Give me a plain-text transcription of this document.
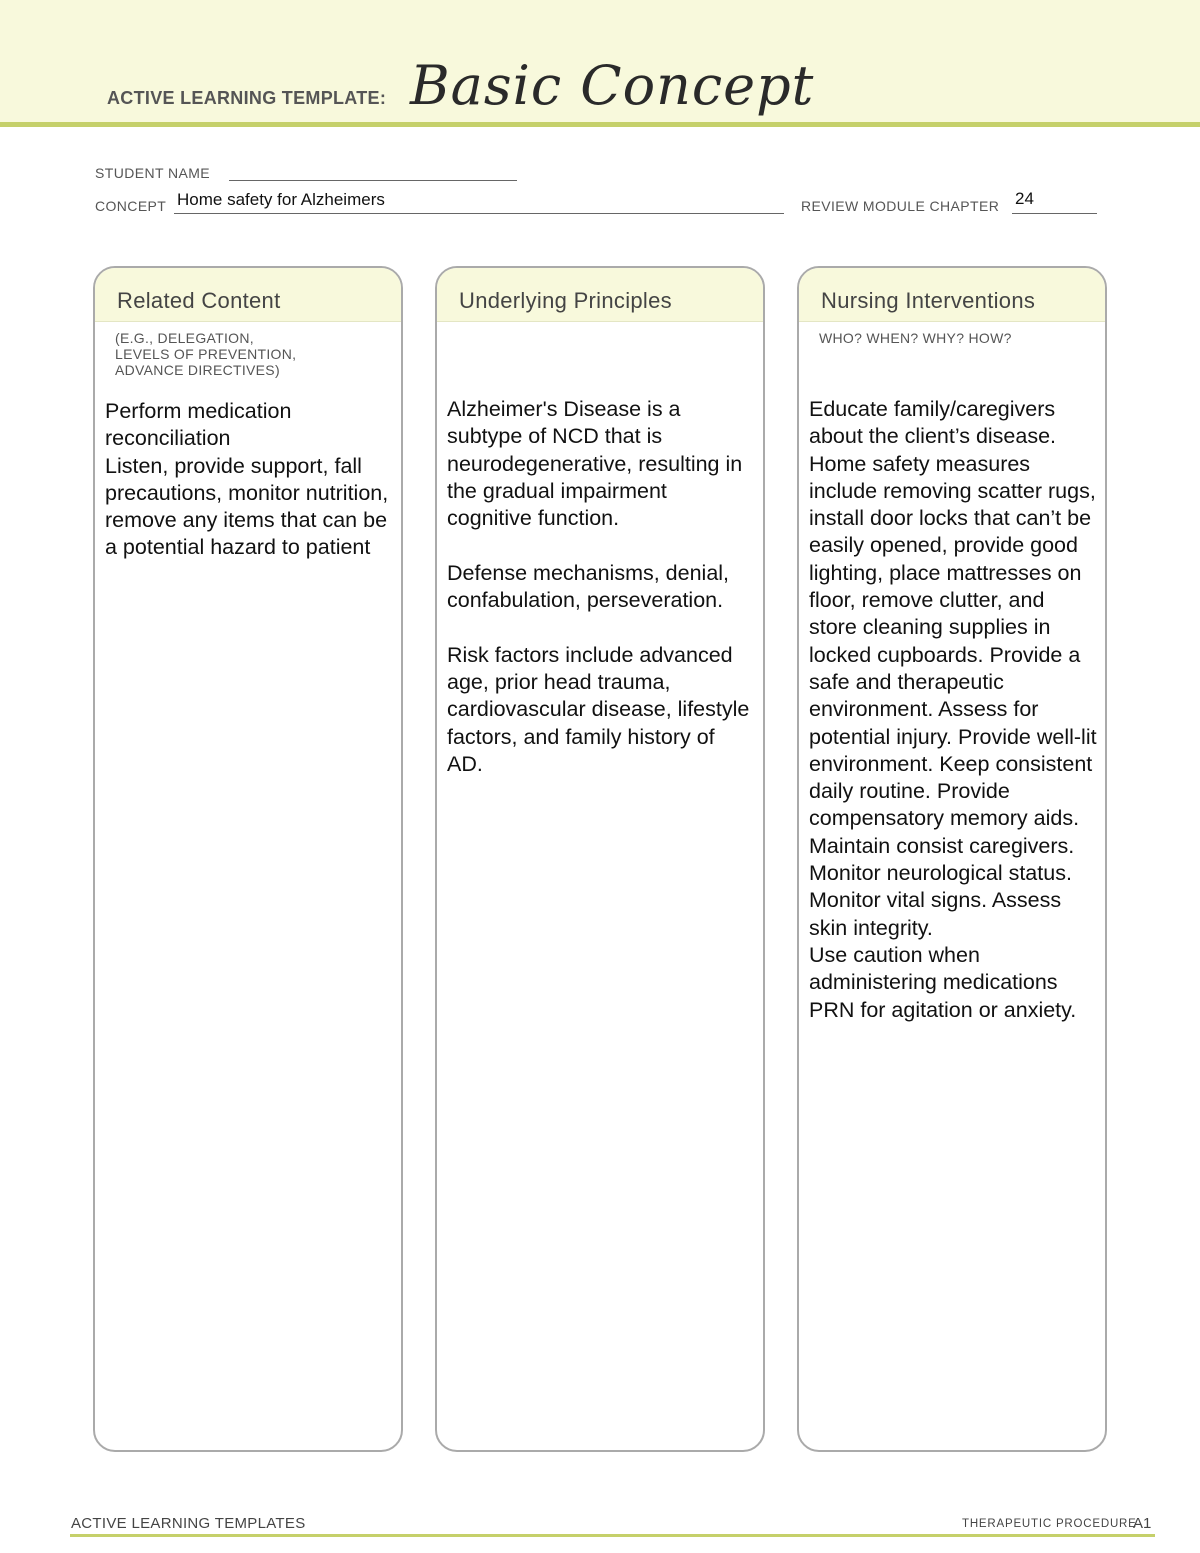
ACTIVE LEARNING TEMPLATE: Basic Concept
STUDENT NAME
CONCEPT Home safety for Alzheimers	REVIEW MODULE CHAPTER 24
Related Content
(E.G., DELEGATION,
LEVELS OF PREVENTION,
ADVANCE DIRECTIVES)

Perform medication reconciliation

Listen, provide support, fall precautions, monitor nutrition, remove any items that can be a potential hazard to patient

Underlying Principles

Alzheimer's Disease is a subtype of NCD that is neurodegenerative, resulting in the gradual impairment cognitive function.

Defense mechanisms, denial, confabulation, perseveration.

Risk factors include advanced age, prior head trauma, cardiovascular disease, lifestyle factors, and family history of AD.

Nursing Interventions
WHO? WHEN? WHY? HOW?

Educate family/caregivers about the client’s disease. Home safety measures include removing scatter rugs, install door locks that can’t be easily opened, provide good lighting, place mattresses on floor, remove clutter, and store cleaning supplies in locked cupboards. Provide a safe and therapeutic environment. Assess for potential injury. Provide well-lit environment. Keep consistent daily routine. Provide compensatory memory aids. Maintain consist caregivers. Monitor neurological status. Monitor vital signs. Assess skin integrity.

Use caution when administering medications PRN for agitation or anxiety.

ACTIVE LEARNING TEMPLATES	THERAPEUTIC PROCEDURE
A1
